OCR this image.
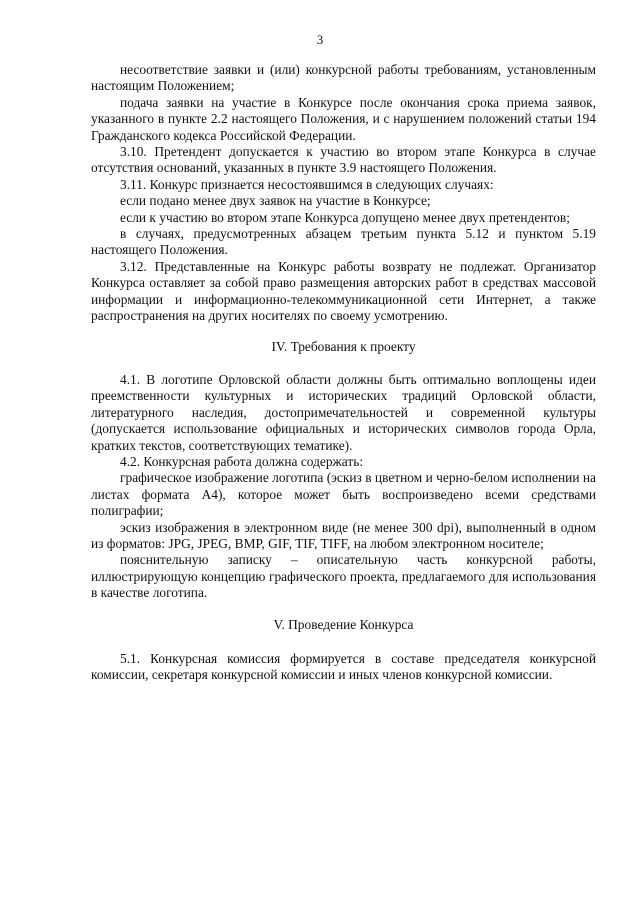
3

несоответствие заявки и (или) конкурсной работы требованиям, установленным настоящим Положением;

подача заявки на участие в Конкурсе после окончания срока приема заявок, указанного в пункте 2.2 настоящего Положения, и с нарушением положений статьи 194 Гражданского кодекса Российской Федерации.

3.10. Претендент допускается к участию во втором этапе Конкурса в случае отсутствия оснований, указанных в пункте 3.9 настоящего Положения.

3.11. Конкурс признается несостоявшимся в следующих случаях:

если подано менее двух заявок на участие в Конкурсе;

если к участию во втором этапе Конкурса допущено менее двух претендентов;

в случаях, предусмотренных абзацем третьим пункта 5.12 и пунктом 5.19 настоящего Положения.

3.12. Представленные на Конкурс работы возврату не подлежат. Организатор Конкурса оставляет за собой право размещения авторских работ в средствах массовой информации и информационно-телекоммуникационной сети Интернет, а также распространения на других носителях по своему усмотрению.

IV. Требования к проекту

4.1. В логотипе Орловской области должны быть оптимально воплощены идеи преемственности культурных и исторических традиций Орловской области, литературного наследия, достопримечательностей и современной культуры (допускается использование официальных и исторических символов города Орла, кратких текстов, соответствующих тематике).

4.2. Конкурсная работа должна содержать:

графическое изображение логотипа (эскиз в цветном и черно-белом исполнении на листах формата А4), которое может быть воспроизведено всеми средствами полиграфии;

эскиз изображения в электронном виде (не менее 300 dpi), выполненный в одном из форматов: JPG, JPEG, BMP, GIF, TIF, TIFF, на любом электронном носителе;

пояснительную записку – описательную часть конкурсной работы, иллюстрирующую концепцию графического проекта, предлагаемого для использования в качестве логотипа.

V. Проведение Конкурса

5.1. Конкурсная комиссия формируется в составе председателя конкурсной комиссии, секретаря конкурсной комиссии и иных членов конкурсной комиссии.
